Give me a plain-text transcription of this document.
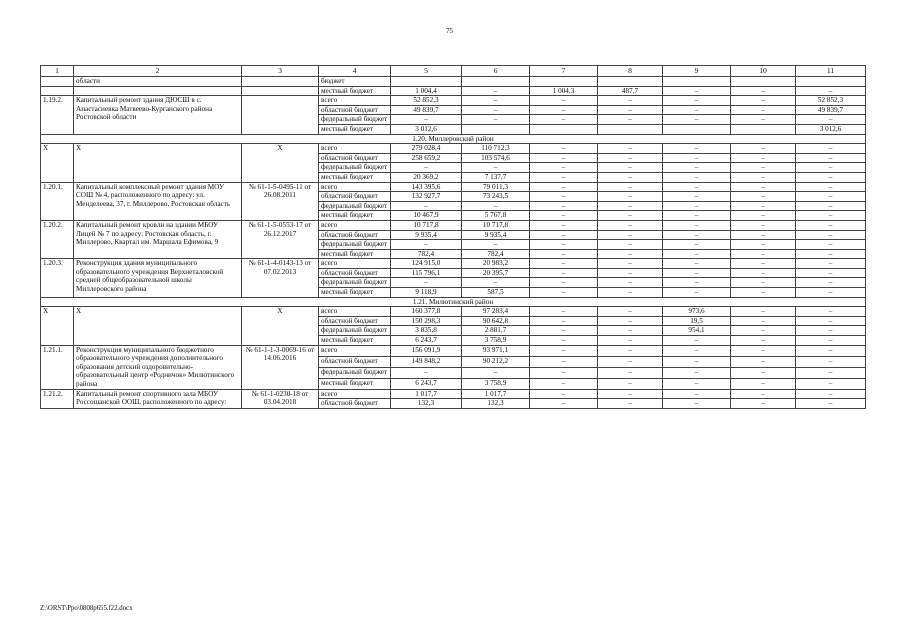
75
1	2	3	4	5	6	7	8	9	10	11
	области		бюджет							
			местный бюджет	1 004,4	–	1 004,3	487,7	–	–	–
1.19.2.	Капитальный ремонт здания ДЮСШ в с. Анастасиевка Матвеево-Курганского района Ростовской области		всего	52 852,3	–	–	–	–	–	52 852,3
			областной бюджет	49 839,7	–	–	–	–	–	49 839,7
			федеральный бюджет	–	–	–	–	–	–	–
			местный бюджет	3 012,6						3 012,6
1.20. Миллеровский район										
Х	Х	Х	всего	279 028,4	110 712,3	–	–	–	–	–
			областной бюджет	258 659,2	103 574,6	–	–	–	–	–
			федеральный бюджет	–	–	–	–	–	–	–
			местный бюджет	20 369,2	7 137,7	–	–	–	–	–
1.20.1.	Капитальный комплексный ремонт здания МОУ СОШ № 4, расположенного по адресу: ул. Менделеева, 37, г. Миллерово, Ростовская область	№ 61-1-5-0495-11 от 26.08.2011	всего	143 395,6	79 011,3	–	–	–	–	–
			областной бюджет	132 927,7	73 243,5	–	–	–	–	–
			федеральный бюджет	–	–	–	–	–	–	–
			местный бюджет	10 467,9	5 767,8	–	–	–	–	–
1.20.2.	Капитальный ремонт кровли на здании МБОУ Лицей № 7 по адресу: Ростовская область, г. Миллерово, Квартал им. Маршала Ефимова, 9	№ 61-1-5-0553-17 от 26.12.2017	всего	10 717,8	10 717,8	–	–	–	–	–
			областной бюджет	9 935,4	9 935,4	–	–	–	–	–
			федеральный бюджет	–	–	–	–	–	–	–
			местный бюджет	782,4	782,4	–	–	–	–	–
1.20.3.	Реконструкция здания муниципального образовательного учреждения Верхнеталовской средней общеобразовательной школы Миллеровского района	№ 61-1-4-0143-13 от 07.02.2013	всего	124 915,0	20 983,2	–	–	–	–	–
			областной бюджет	115 796,1	20 395,7	–	–	–	–	–
			федеральный бюджет	–	–	–	–	–	–	–
			местный бюджет	9 118,9	587,5	–	–	–	–	–
1.21. Милютинский район										
Х	Х	Х	всего	160 377,8	97 283,4	–	–	973,6	–	–
			областной бюджет	150 298,3	90 642,8	–	–	19,5	–	–
			федеральный бюджет	3 835,8	2 881,7	–	–	954,1	–	–
			местный бюджет	6 243,7	3 758,9	–	–	–	–	–
1.21.1.	Реконструкция муниципального бюджетного образовательного учреждения дополнительного образования детский оздоровительно-образовательный центр «Родничок» Милютинского района	№ 61-1-1-3-0069-16 от 14.06.2016	всего	156 091,9	93 971,1	–	–	–	–	–
			областной бюджет	149 848,2	90 212,2	–	–	–	–	–
			федеральный бюджет	–	–	–	–	–	–	–
			местный бюджет	6 243,7	3 758,9	–	–	–	–	–
1.21.2.	Капитальный ремонт спортивного зала МБОУ Россошанской ООШ, расположенного по адресу:	№ 61-1-0230-18 от 03.04.2018	всего	1 017,7	1 017,7	–	–	–	–	–
			областной бюджет	132,3	132,3	–	–	–	–	–
Z:\ORST\Ppo\0808p655.f22.docx
